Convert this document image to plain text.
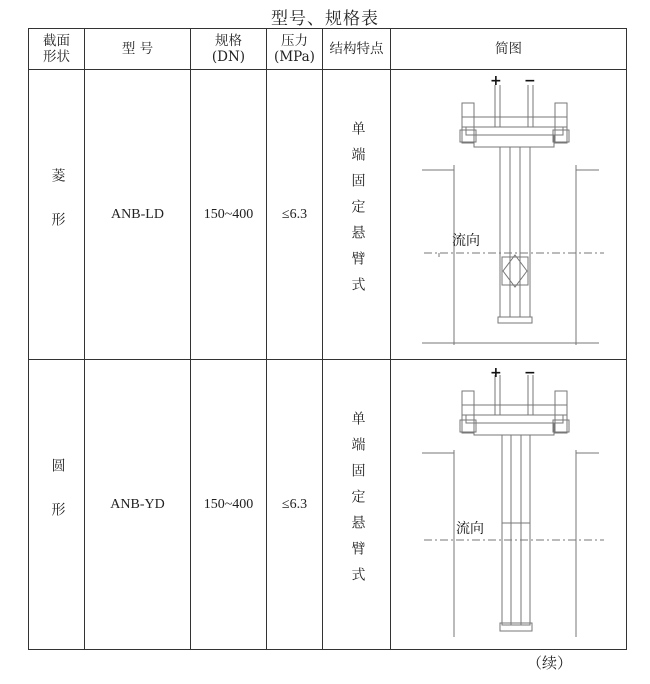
型号、规格表
截面形状	型 号	规格(DN)	压力(MPa)	结构特点	简图
菱形	ANB-LD	150~400	≤6.3	单端固定悬臂式	+ −
流向

圆形	ANB-YD	150~400	≤6.3	单端固定悬臂式	+ −
流向
（续）
